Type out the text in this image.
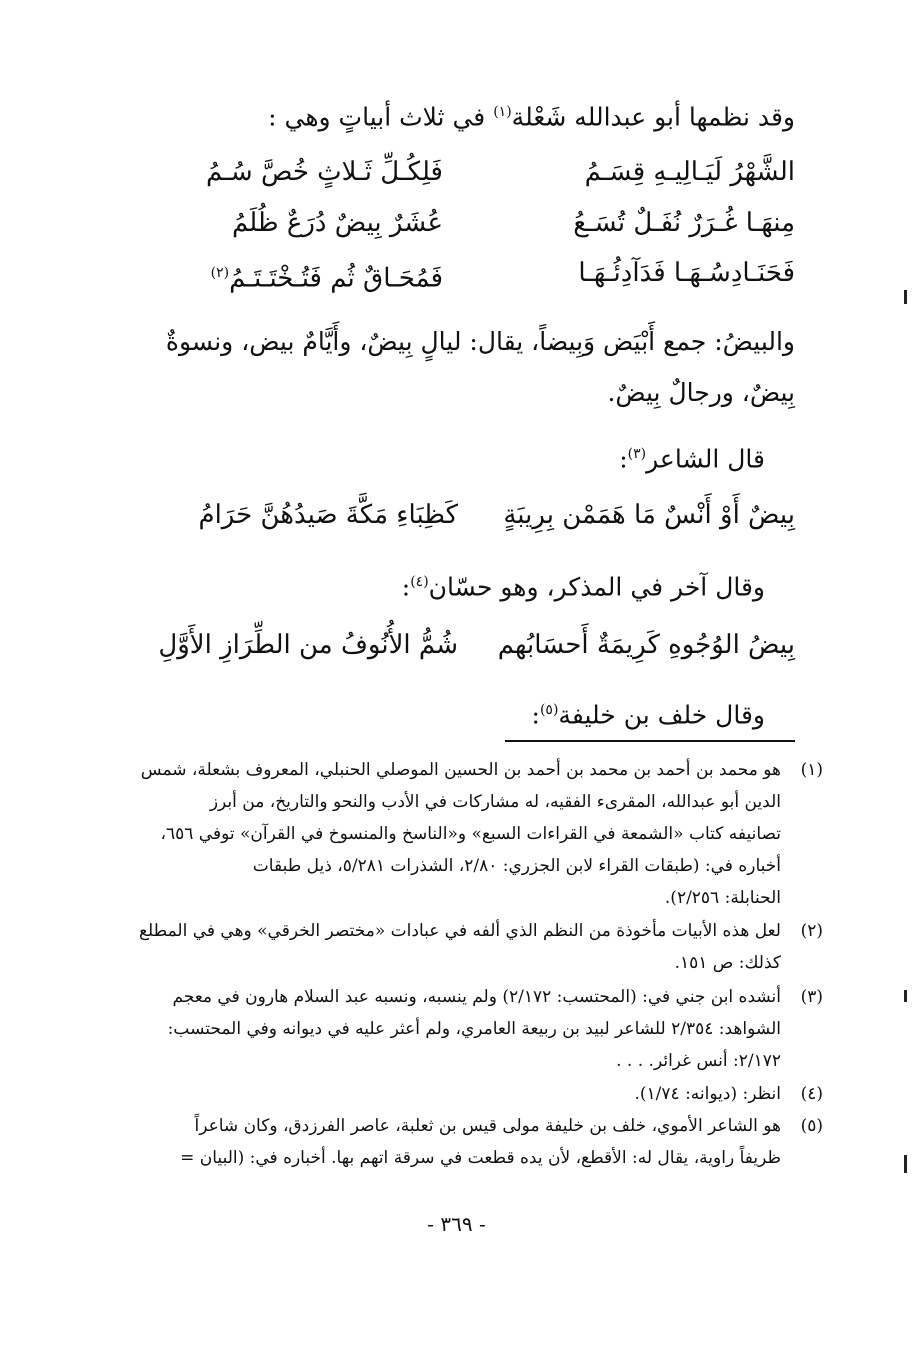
وقد نظمها أبو عبدالله شَعْلة$^{(١)}$ في ثلاث أبياتٍ وهي :
الشَّهْرُ لَيَـالِيـهِ قِسَـمُ
فَلِكُـلِّ ثَـلاثٍ خُصَّ سُـمُ
مِنهَـا غُـرَرٌ نُفَـلٌ تُسَـعُ
عُشَرٌ بِيضٌ دُرَعٌ ظُلَمُ
فَحَنَـادِسُـهَـا فَدَآدِئُـهَـا
فَمُحَـاقٌ ثُم فَتُـخْتَـتَـمُ$^{(٢)}$
والبيضُ: جمع أَبْيَض وَبِيضاً، يقال: ليالٍ بِيضٌ، وأَيَّامٌ بيض، ونسوةٌ
بِيضٌ، ورجالٌ بِيضٌ.
قال الشاعر$^{(٣)}$:
بِيضٌ أَوْ أَنْسٌ مَا هَمَمْن بِرِيبَةٍ
كَظِبَاءِ مَكَّةَ صَيدُهُنَّ حَرَامُ
وقال آخر في المذكر، وهو حسّان$^{(٤)}$:
بِيضُ الوُجُوهِ كَرِيمَةٌ أَحسَابُهم
شُمُّ الأُنُوفُ من الطِّرَازِ الأَوَّلِ
وقال خلف بن خليفة$^{(٥)}$:
(١)
هو محمد بن أحمد بن محمد بن أحمد بن الحسين الموصلي الحنبلي، المعروف بشعلة، شمس
الدين أبو عبدالله، المقرىء الفقيه، له مشاركات في الأدب والنحو والتاريخ، من أبرز
تصانيفه كتاب «الشمعة في القراءات السبع» و«الناسخ والمنسوخ في القرآن» توفي ٦٥٦،
أخباره في: (طبقات القراء لابن الجزري: ٢/٨٠، الشذرات ٥/٢٨١، ذيل طبقات
الحنابلة: ٢/٢٥٦).
(٢)
لعل هذه الأبيات مأخوذة من النظم الذي ألفه في عبادات «مختصر الخرقي» وهي في المطلع
كذلك: ص ١٥١.
(٣)
أنشده ابن جني في: (المحتسب: ٢/١٧٢) ولم ينسبه، ونسبه عبد السلام هارون في معجم
الشواهد: ٢/٣٥٤ للشاعر لبيد بن ربيعة العامري، ولم أعثر عليه في ديوانه وفي المحتسب:
٢/١٧٢: أنس غرائر. . . .
(٤)
انظر: (ديوانه: ١/٧٤).
(٥)
هو الشاعر الأموي، خلف بن خليفة مولى قيس بن ثعلبة، عاصر الفرزدق، وكان شاعراً
ظريفاً راوية، يقال له: الأقطع، لأن يده قطعت في سرقة اتهم بها. أخباره في: (البيان =
- ٣٦٩ -
